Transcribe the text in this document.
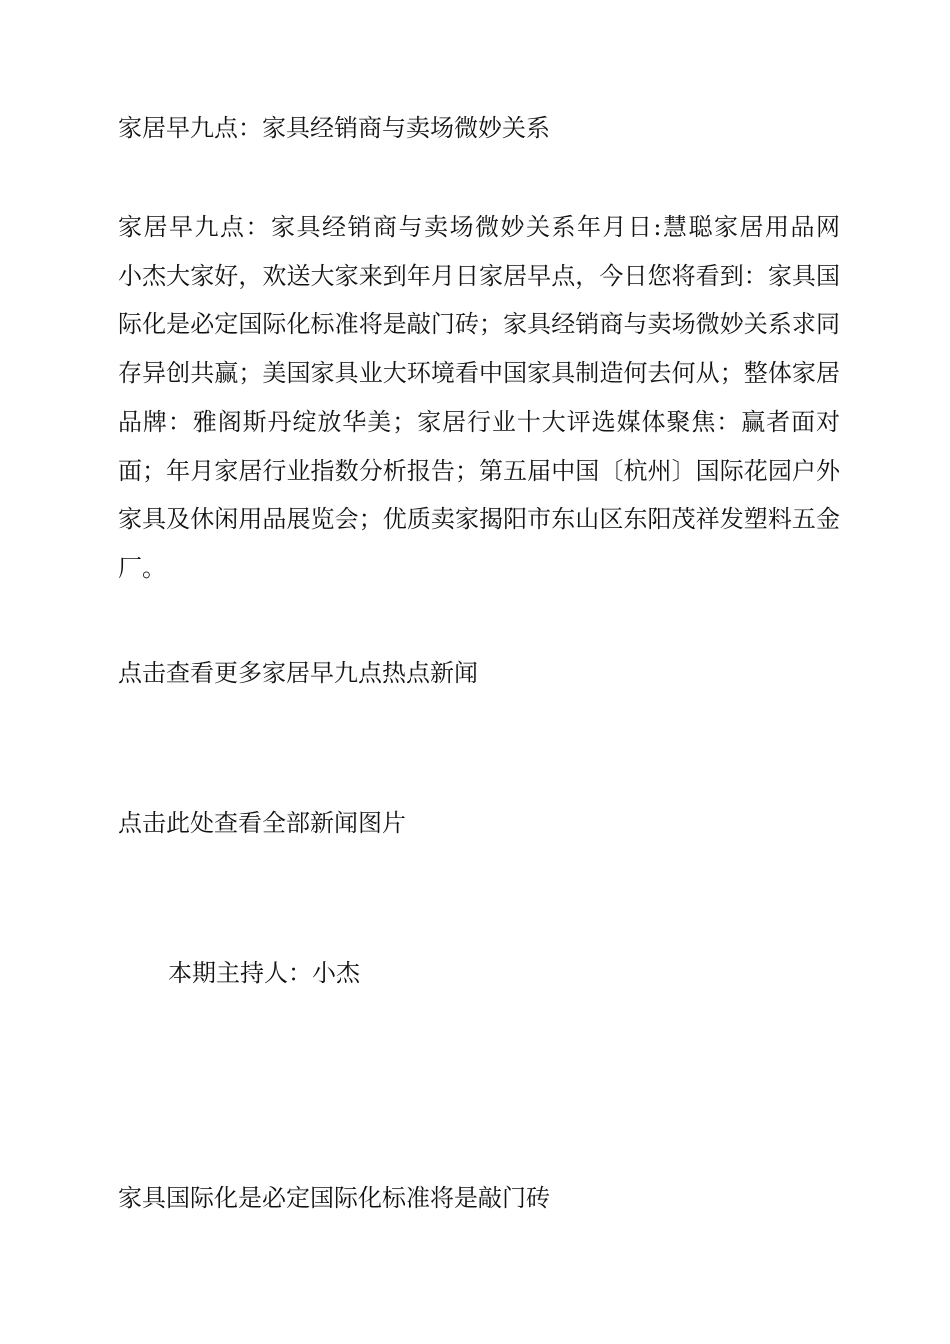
家居早九点：家具经销商与卖场微妙关系

家居早九点：家具经销商与卖场微妙关系年月日:慧聪家居用品网　　小杰大家好，欢送大家来到年月日家居早点，今日您将看到：家具国际化是必定国际化标准将是敲门砖；家具经销商与卖场微妙关系求同存异创共赢；美国家具业大环境看中国家具制造何去何从；整体家居品牌：雅阁斯丹绽放华美；家居行业十大评选媒体聚焦：赢者面对面；年月家居行业指数分析报告；第五届中国〔杭州〕国际花园户外家具及休闲用品展览会；优质卖家揭阳市东山区东阳茂祥发塑料五金厂。

点击查看更多家居早九点热点新闻

点击此处查看全部新闻图片

本期主持人：小杰

家具国际化是必定国际化标准将是敲门砖
